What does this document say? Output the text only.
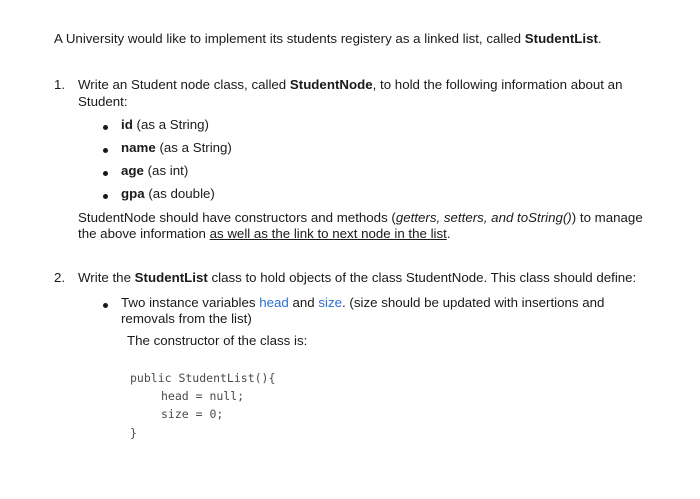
A University would like to implement its students registery as a linked list, called StudentList.
1. Write an Student node class, called StudentNode, to hold the following information about an
Student:
id (as a String)
name (as a String)
age (as int)
gpa (as double)
StudentNode should have constructors and methods (getters, setters, and toString()) to manage
the above information as well as the link to next node in the list.
2. Write the StudentList class to hold objects of the class StudentNode. This class should define:
Two instance variables head and size. (size should be updated with insertions and
removals from the list)
The constructor of the class is:
public StudentList(){
head = null;
size = 0;
}
